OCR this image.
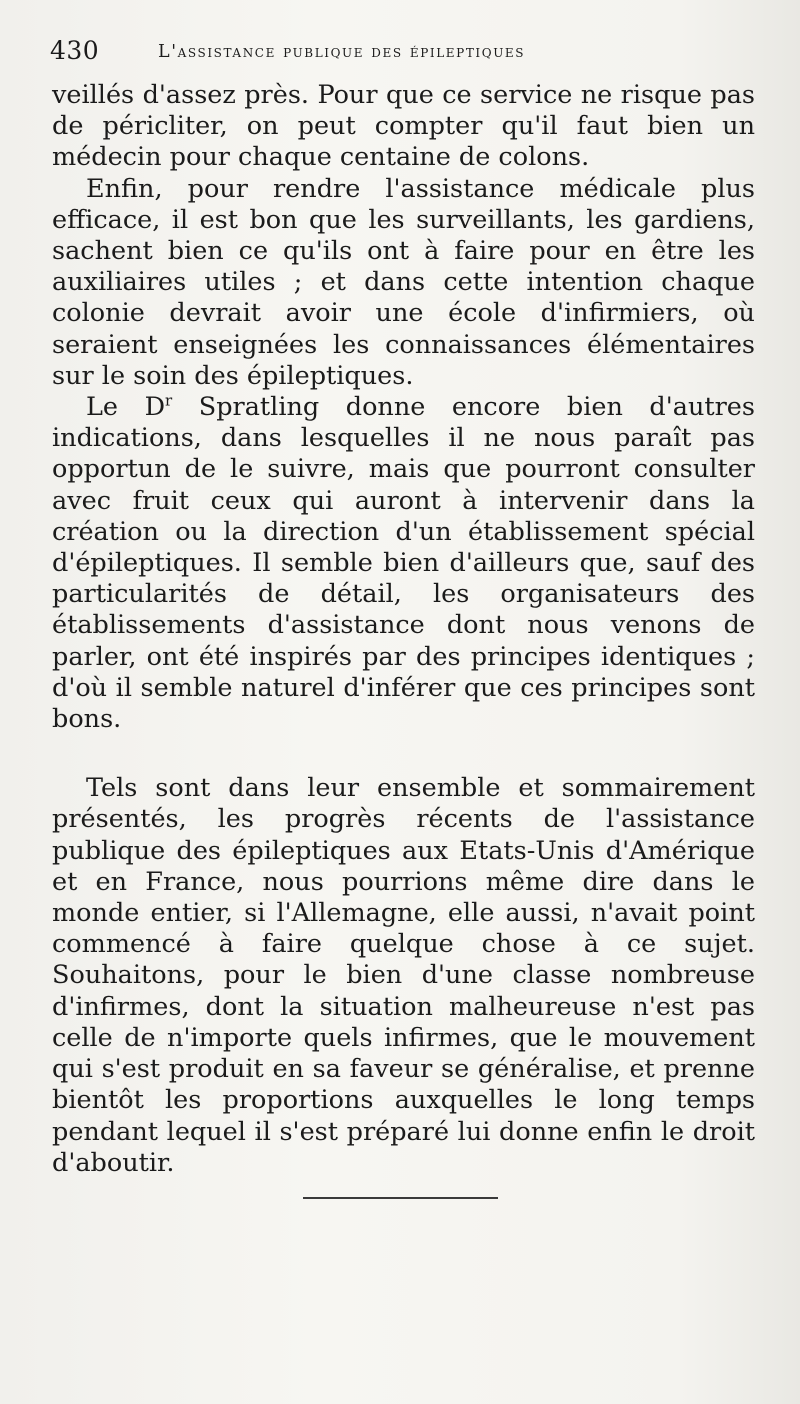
430	L'assistance publique des épileptiques

veillés d'assez près. Pour que ce service ne risque pas de péricliter, on peut compter qu'il faut bien un médecin pour chaque centaine de colons.

Enfin, pour rendre l'assistance médicale plus efficace, il est bon que les surveillants, les gardiens, sachent bien ce qu'ils ont à faire pour en être les auxiliaires utiles ; et dans cette intention chaque colonie devrait avoir une école d'infirmiers, où seraient enseignées les connaissances élémentaires sur le soin des épileptiques.

Le $D^r$ Spratling donne encore bien d'autres indications, dans lesquelles il ne nous paraît pas opportun de le suivre, mais que pourront consulter avec fruit ceux qui auront à intervenir dans la création ou la direction d'un établissement spécial d'épileptiques. Il semble bien d'ailleurs que, sauf des particularités de détail, les organisateurs des établissements d'assistance dont nous venons de parler, ont été inspirés par des principes identiques ; d'où il semble naturel d'inférer que ces principes sont bons.

Tels sont dans leur ensemble et sommairement présentés, les progrès récents de l'assistance publique des épileptiques aux Etats-Unis d'Amérique et en France, nous pourrions même dire dans le monde entier, si l'Allemagne, elle aussi, n'avait point commencé à faire quelque chose à ce sujet. Souhaitons, pour le bien d'une classe nombreuse d'infirmes, dont la situation malheureuse n'est pas celle de n'importe quels infirmes, que le mouvement qui s'est produit en sa faveur se généralise, et prenne bientôt les proportions auxquelles le long temps pendant lequel il s'est préparé lui donne enfin le droit d'aboutir.
